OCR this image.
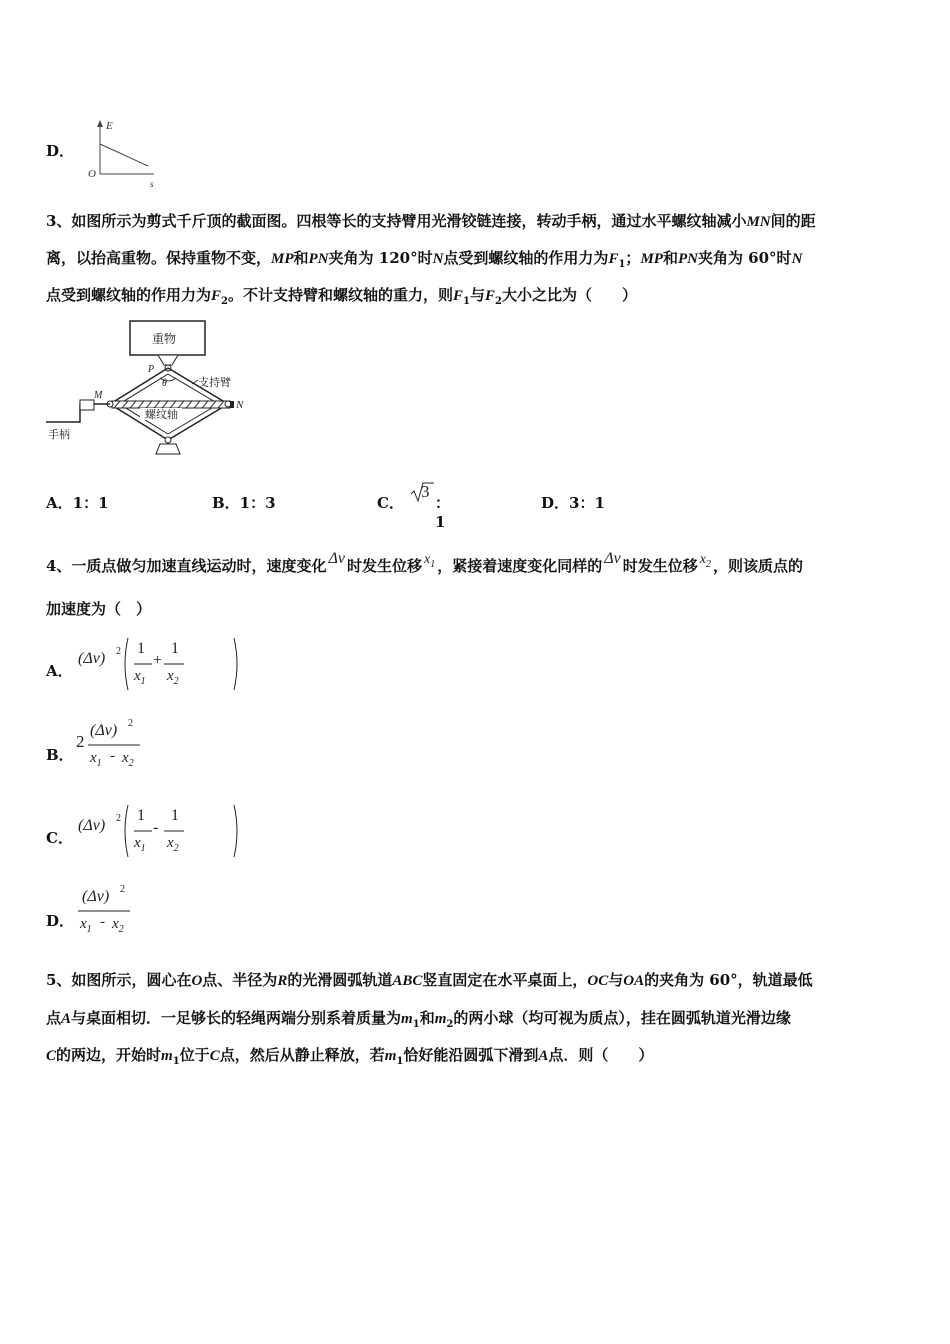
D．
E
O
s
3、如图所示为剪式千斤顶的截面图。四根等长的支持臂用光滑铰链连接，转动手柄，通过水平螺纹轴减小MN间的距
离，以抬高重物。保持重物不变，MP和PN夹角为 120°时N点受到螺纹轴的作用力为$F_1$；MP和PN夹角为 60°时N
点受到螺纹轴的作用力为$F_2$。不计支持臂和螺纹轴的重力，则$F_1$与$F_2$大小之比为（　　）
重物
P
θ
螺纹轴
M
N
支持臂
手柄
A．1：1	B．1：3	C．
3
：1
D．3：1
4、一质点做匀加速直线运动时，速度变化 Δv 时发生位移 $x_1$ ，紧接着速度变化同样的 Δv 时发生位移 $x_2$ ，则该质点的
加速度为（　）
A．
(Δv) 2 1
$x_1$
+
1
$x_2$
B．
2
(Δv) 2
$x_1 - x_2$
C．
(Δv) 2 1
$x_1$
-
1
$x_2$
D．
(Δv) 2
$x_1 - x_2$
5、如图所示，圆心在O点、半径为R的光滑圆弧轨道ABC竖直固定在水平桌面上，OC与OA的夹角为 60°，轨道最低
点A与桌面相切．一足够长的轻绳两端分别系着质量为$m_1$和$m_2$的两小球（均可视为质点），挂在圆弧轨道光滑边缘
C的两边，开始时$m_1$位于C点，然后从静止释放，若$m_1$恰好能沿圆弧下滑到A点．则（　　）
